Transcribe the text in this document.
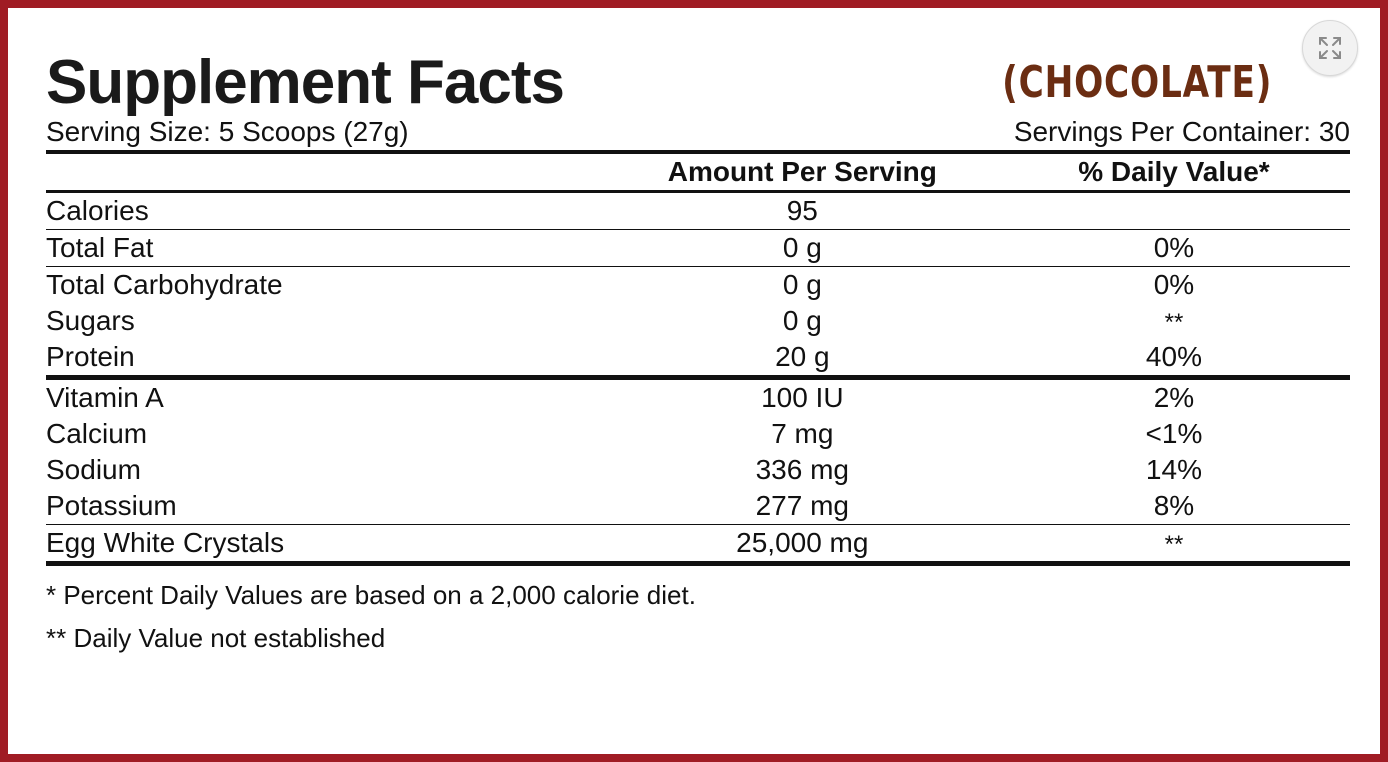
Supplement Facts	(CHOCOLATE)
Serving Size: 5 Scoops (27g)	Servings Per Container: 30
	Amount Per Serving	% Daily Value*
Calories	95	
Total Fat	0 g	0%
Total Carbohydrate	0 g	0%
Sugars	0 g	**
Protein	20 g	40%
Vitamin A	100 IU	2%
Calcium	7 mg	<1%
Sodium	336 mg	14%
Potassium	277 mg	8%
Egg White Crystals	25,000 mg	**
* Percent Daily Values are based on a 2,000 calorie diet.
** Daily Value not established
